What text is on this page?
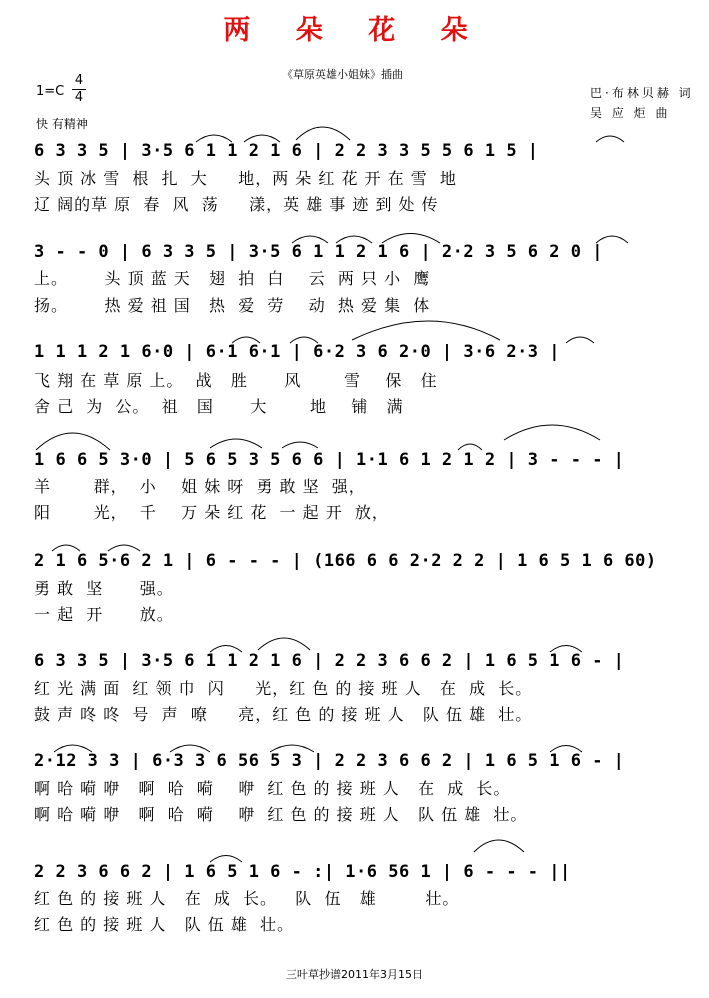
两 朵 花 朵
《草原英雄小姐妹》插曲
1=C
4
4
快 有精神
巴·布林贝赫 词
吴 应 炬 曲
6 3 3 5 | 3·5 6 1 1 2 1 6 | 2 2 3 3 5 5 6 1 5 |
头 顶 冰 雪  根  扎  大     地，两 朵 红 花 开 在 雪  地
辽 阔的草 原  春  风  荡     漾，英 雄 事 迹 到 处 传
3 - - 0 | 6 3 3 5 | 3·5 6 1 1 2 1 6 | 2·2 3 5 6 2 0 |
上。      头 顶 蓝 天   翅  拍  白    云  两 只 小  鹰
扬。      热 爱 祖 国   热  爱  劳    动  热 爱 集  体
1 1 1 2 1 6·0 | 6·1 6·1 | 6·2 3 6 2·0 | 3·6 2·3 |
飞 翔 在 草 原 上。  战   胜      风       雪    保   住
舍 己  为  公。  祖   国      大       地    铺   满
1 6 6 5 3·0 | 5 6 5 3 5 6 6 | 1·1 6 1 2 1 2 | 3 - - - |
羊       群，  小    姐 妹 呀  勇 敢 坚  强，
阳       光，  千    万 朵 红 花  一 起 开  放，
2 1 6 5·6 2 1 | 6 - - - | (166 6 6 2·2 2 2 | 1 6 5 1 6 60)
勇 敢  坚      强。
一 起  开      放。
6 3 3 5 | 3·5 6 1 1 2 1 6 | 2 2 3 6 6 2 | 1 6 5 1 6 - |
红 光 满 面  红 领 巾  闪     光，红 色 的 接 班 人   在  成  长。
鼓 声 咚 咚  号  声  嘹     亮，红 色 的 接 班 人   队 伍 雄  壮。
2·12 3 3 | 6·3 3 6 56 5 3 | 2 2 3 6 6 2 | 1 6 5 1 6 - |
啊 哈 嗬 咿   啊  哈  嗬    咿  红 色 的 接 班 人   在  成  长。
啊 哈 嗬 咿   啊  哈  嗬    咿  红 色 的 接 班 人   队 伍 雄  壮。
2 2 3 6 6 2 | 1 6 5 1 6 - :| 1·6 56 1 | 6 - - - ||
红 色 的 接 班 人   在  成  长。   队  伍   雄        壮。
红 色 的 接 班 人   队 伍 雄  壮。
三叶草抄谱2011年3月15日
